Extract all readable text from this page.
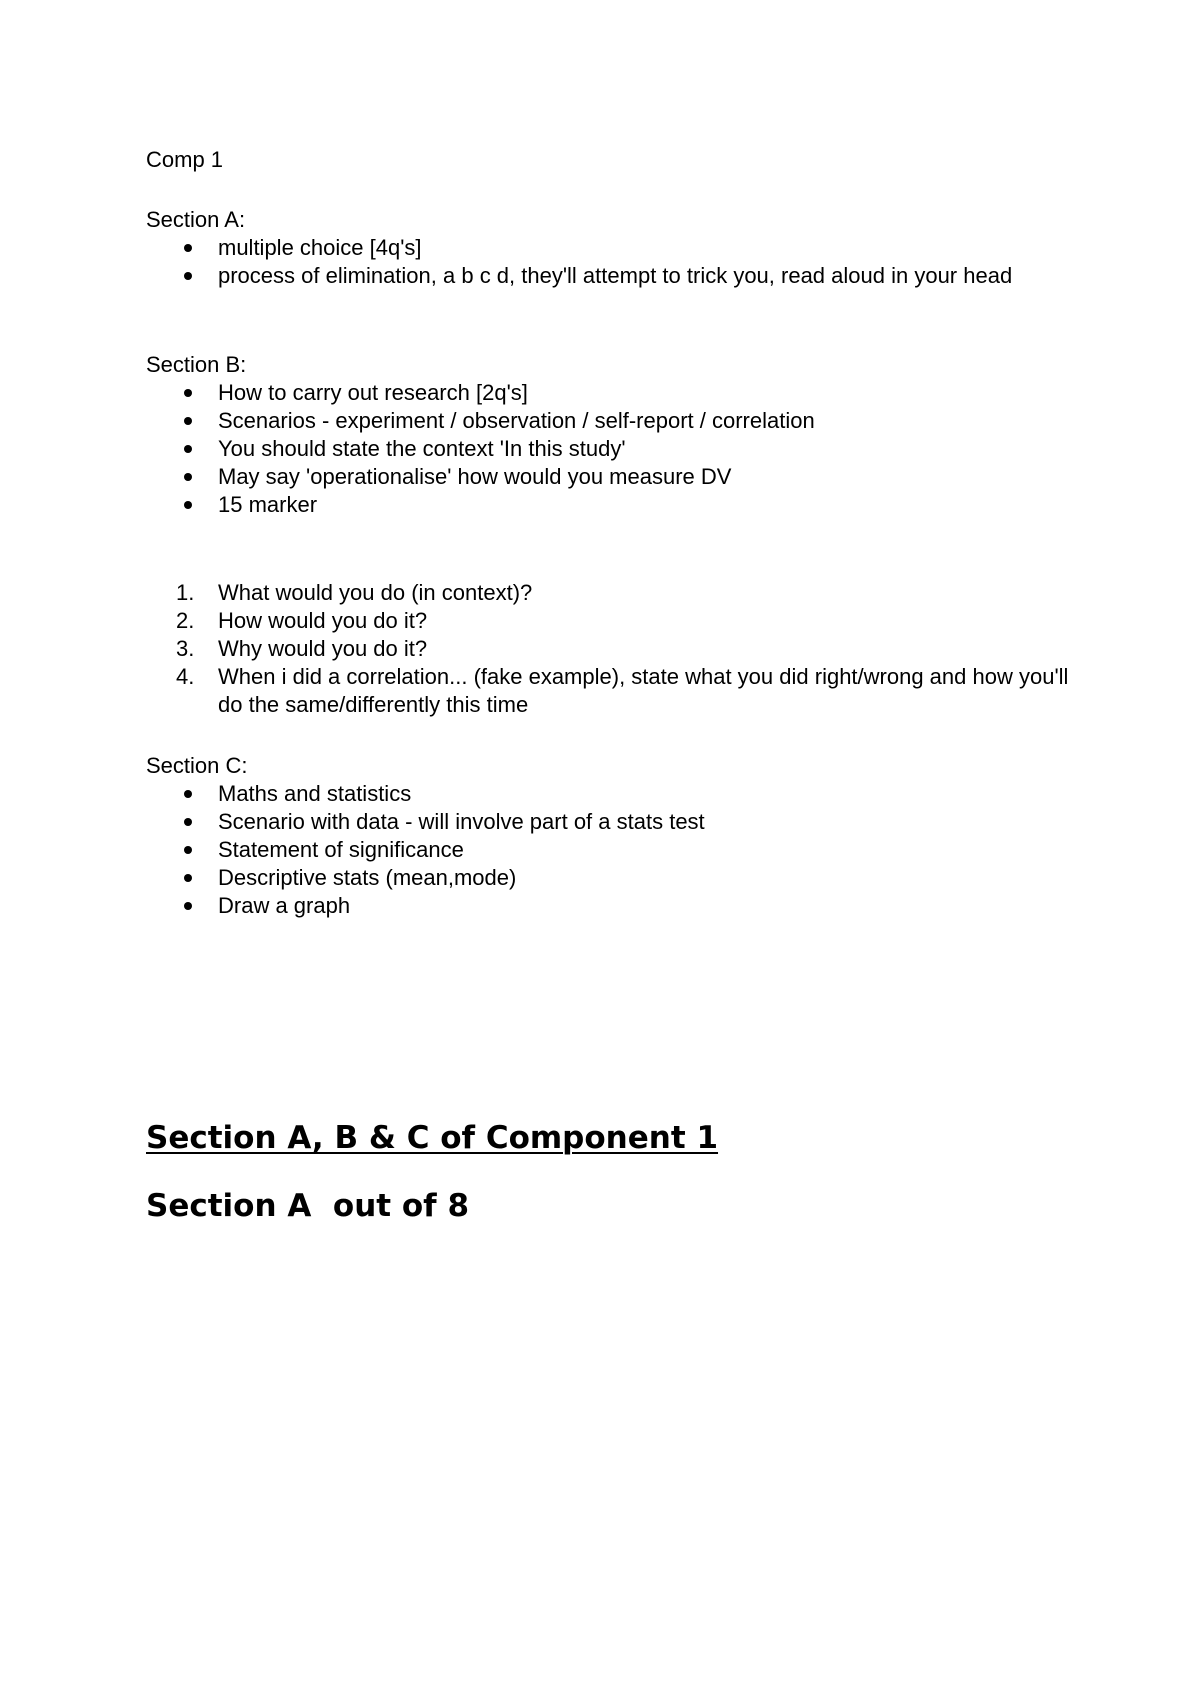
Comp 1

Section A:

multiple choice [4q's]
process of elimination, a b c d, they'll attempt to trick you, read aloud in your head

Section B:

How to carry out research [2q's]
Scenarios - experiment / observation / self-report / correlation
You should state the context 'In this study'
May say 'operationalise' how would you measure DV
15 marker
1.	What would you do (in context)?
2.	How would you do it?
3.	Why would you do it?
4.	When i did a correlation... (fake example), state what you did right/wrong and how you'll do the same/differently this time

Section C:

Maths and statistics
Scenario with data - will involve part of a stats test
Statement of significance
Descriptive stats (mean,mode)
Draw a graph
Section A, B & C of Component 1
Section A  out of 8
